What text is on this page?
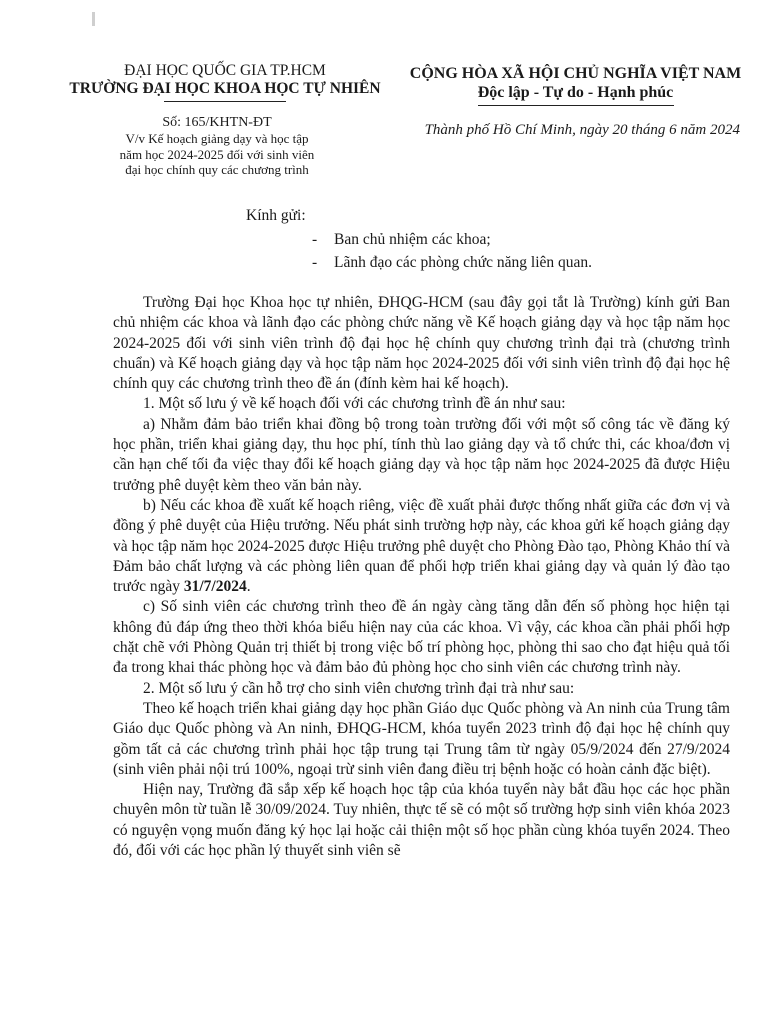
ĐẠI HỌC QUỐC GIA TP.HCM
TRƯỜNG ĐẠI HỌC KHOA HỌC TỰ NHIÊN
CỘNG HÒA XÃ HỘI CHỦ NGHĨA VIỆT NAM
Độc lập - Tự do - Hạnh phúc
Số: 165/KHTN-ĐT
V/v Kế hoạch giảng dạy và học tập
năm học 2024-2025 đối với sinh viên
đại học chính quy các chương trình
Thành phố Hồ Chí Minh, ngày 20 tháng 6 năm 2024
Kính gửi:
- Ban chủ nhiệm các khoa;
- Lãnh đạo các phòng chức năng liên quan.

Trường Đại học Khoa học tự nhiên, ĐHQG-HCM (sau đây gọi tắt là Trường) kính gửi Ban chủ nhiệm các khoa và lãnh đạo các phòng chức năng về Kế hoạch giảng dạy và học tập năm học 2024-2025 đối với sinh viên trình độ đại học hệ chính quy chương trình đại trà (chương trình chuẩn) và Kế hoạch giảng dạy và học tập năm học 2024-2025 đối với sinh viên trình độ đại học hệ chính quy các chương trình theo đề án (đính kèm hai kế hoạch).

1. Một số lưu ý về kế hoạch đối với các chương trình đề án như sau:

a) Nhằm đảm bảo triển khai đồng bộ trong toàn trường đối với một số công tác về đăng ký học phần, triển khai giảng dạy, thu học phí, tính thù lao giảng dạy và tổ chức thi, các khoa/đơn vị cần hạn chế tối đa việc thay đổi kế hoạch giảng dạy và học tập năm học 2024-2025 đã được Hiệu trưởng phê duyệt kèm theo văn bản này.

b) Nếu các khoa đề xuất kế hoạch riêng, việc đề xuất phải được thống nhất giữa các đơn vị và đồng ý phê duyệt của Hiệu trưởng. Nếu phát sinh trường hợp này, các khoa gửi kế hoạch giảng dạy và học tập năm học 2024-2025 được Hiệu trưởng phê duyệt cho Phòng Đào tạo, Phòng Khảo thí và Đảm bảo chất lượng và các phòng liên quan để phối hợp triển khai giảng dạy và quản lý đào tạo trước ngày 31/7/2024.

c) Số sinh viên các chương trình theo đề án ngày càng tăng dẫn đến số phòng học hiện tại không đủ đáp ứng theo thời khóa biểu hiện nay của các khoa. Vì vậy, các khoa cần phải phối hợp chặt chẽ với Phòng Quản trị thiết bị trong việc bố trí phòng học, phòng thi sao cho đạt hiệu quả tối đa trong khai thác phòng học và đảm bảo đủ phòng học cho sinh viên các chương trình này.

2. Một số lưu ý cần hỗ trợ cho sinh viên chương trình đại trà như sau:

Theo kế hoạch triển khai giảng dạy học phần Giáo dục Quốc phòng và An ninh của Trung tâm Giáo dục Quốc phòng và An ninh, ĐHQG-HCM, khóa tuyển 2023 trình độ đại học hệ chính quy gồm tất cả các chương trình phải học tập trung tại Trung tâm từ ngày 05/9/2024 đến 27/9/2024 (sinh viên phải nội trú 100%, ngoại trừ sinh viên đang điều trị bệnh hoặc có hoàn cảnh đặc biệt).

Hiện nay, Trường đã sắp xếp kế hoạch học tập của khóa tuyển này bắt đầu học các học phần chuyên môn từ tuần lễ 30/09/2024. Tuy nhiên, thực tế sẽ có một số trường hợp sinh viên khóa 2023 có nguyện vọng muốn đăng ký học lại hoặc cải thiện một số học phần cùng khóa tuyển 2024. Theo đó, đối với các học phần lý thuyết sinh viên sẽ
